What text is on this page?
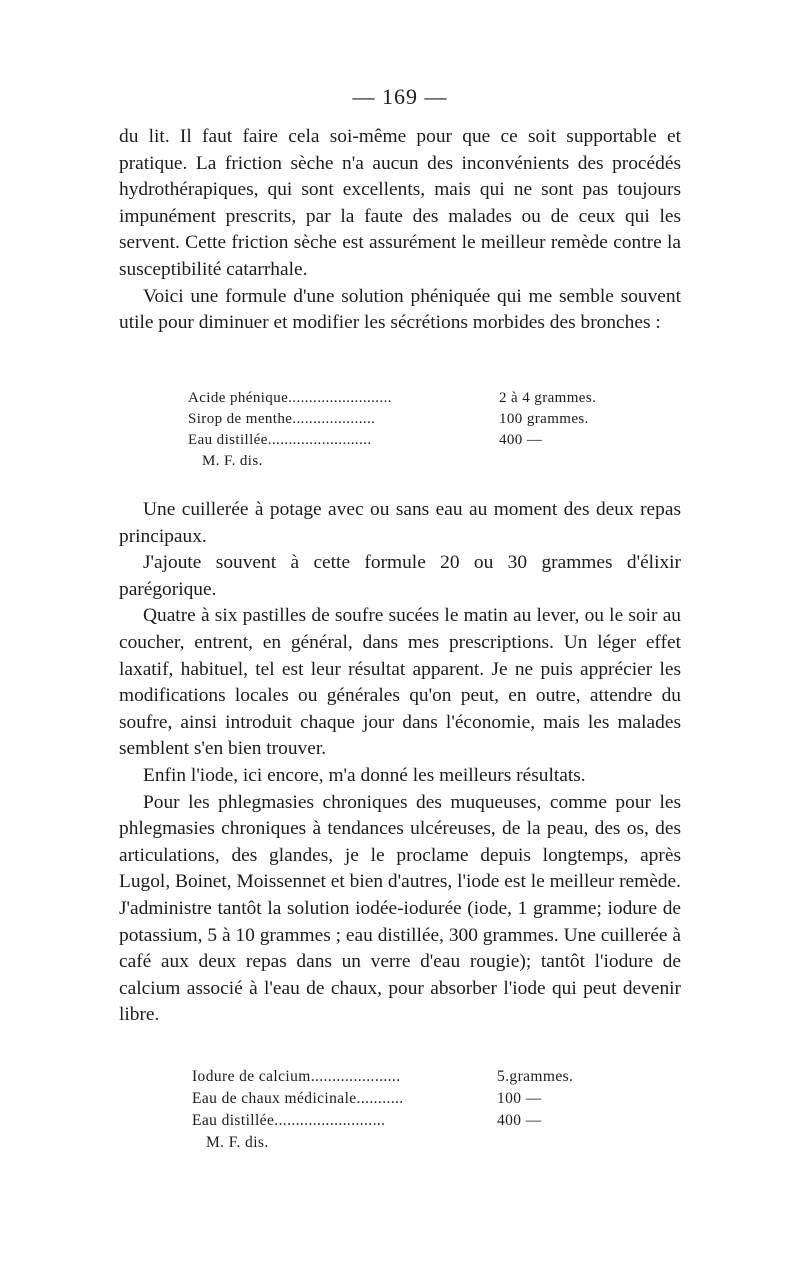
— 169 —

du lit. Il faut faire cela soi-même pour que ce soit supportable et pratique. La friction sèche n'a aucun des inconvénients des procédés hydrothérapiques, qui sont excellents, mais qui ne sont pas toujours impunément prescrits, par la faute des malades ou de ceux qui les servent. Cette friction sèche est assurément le meilleur remède contre la susceptibilité catarrhale.

Voici une formule d'une solution phéniquée qui me semble souvent utile pour diminuer et modifier les sécrétions morbides des bronches :

Acide phénique.........................	2 à 4 grammes.
Sirop de menthe....................	100 grammes.
Eau distillée.........................	400 —
M. F. dis.

Une cuillerée à potage avec ou sans eau au moment des deux repas principaux.

J'ajoute souvent à cette formule 20 ou 30 grammes d'élixir parégorique.

Quatre à six pastilles de soufre sucées le matin au lever, ou le soir au coucher, entrent, en général, dans mes prescriptions. Un léger effet laxatif, habituel, tel est leur résultat apparent. Je ne puis apprécier les modifications locales ou générales qu'on peut, en outre, attendre du soufre, ainsi introduit chaque jour dans l'économie, mais les malades semblent s'en bien trouver.

Enfin l'iode, ici encore, m'a donné les meilleurs résultats.

Pour les phlegmasies chroniques des muqueuses, comme pour les phlegmasies chroniques à tendances ulcéreuses, de la peau, des os, des articulations, des glandes, je le proclame depuis longtemps, après Lugol, Boinet, Moissennet et bien d'autres, l'iode est le meilleur remède. J'administre tantôt la solution iodée-iodurée (iode, 1 gramme; iodure de potassium, 5 à 10 grammes ; eau distillée, 300 grammes. Une cuillerée à café aux deux repas dans un verre d'eau rougie); tantôt l'iodure de calcium associé à l'eau de chaux, pour absorber l'iode qui peut devenir libre.

Iodure de calcium.....................	5.grammes.
Eau de chaux médicinale...........	100 —
Eau distillée..........................	400 —
M. F. dis.
